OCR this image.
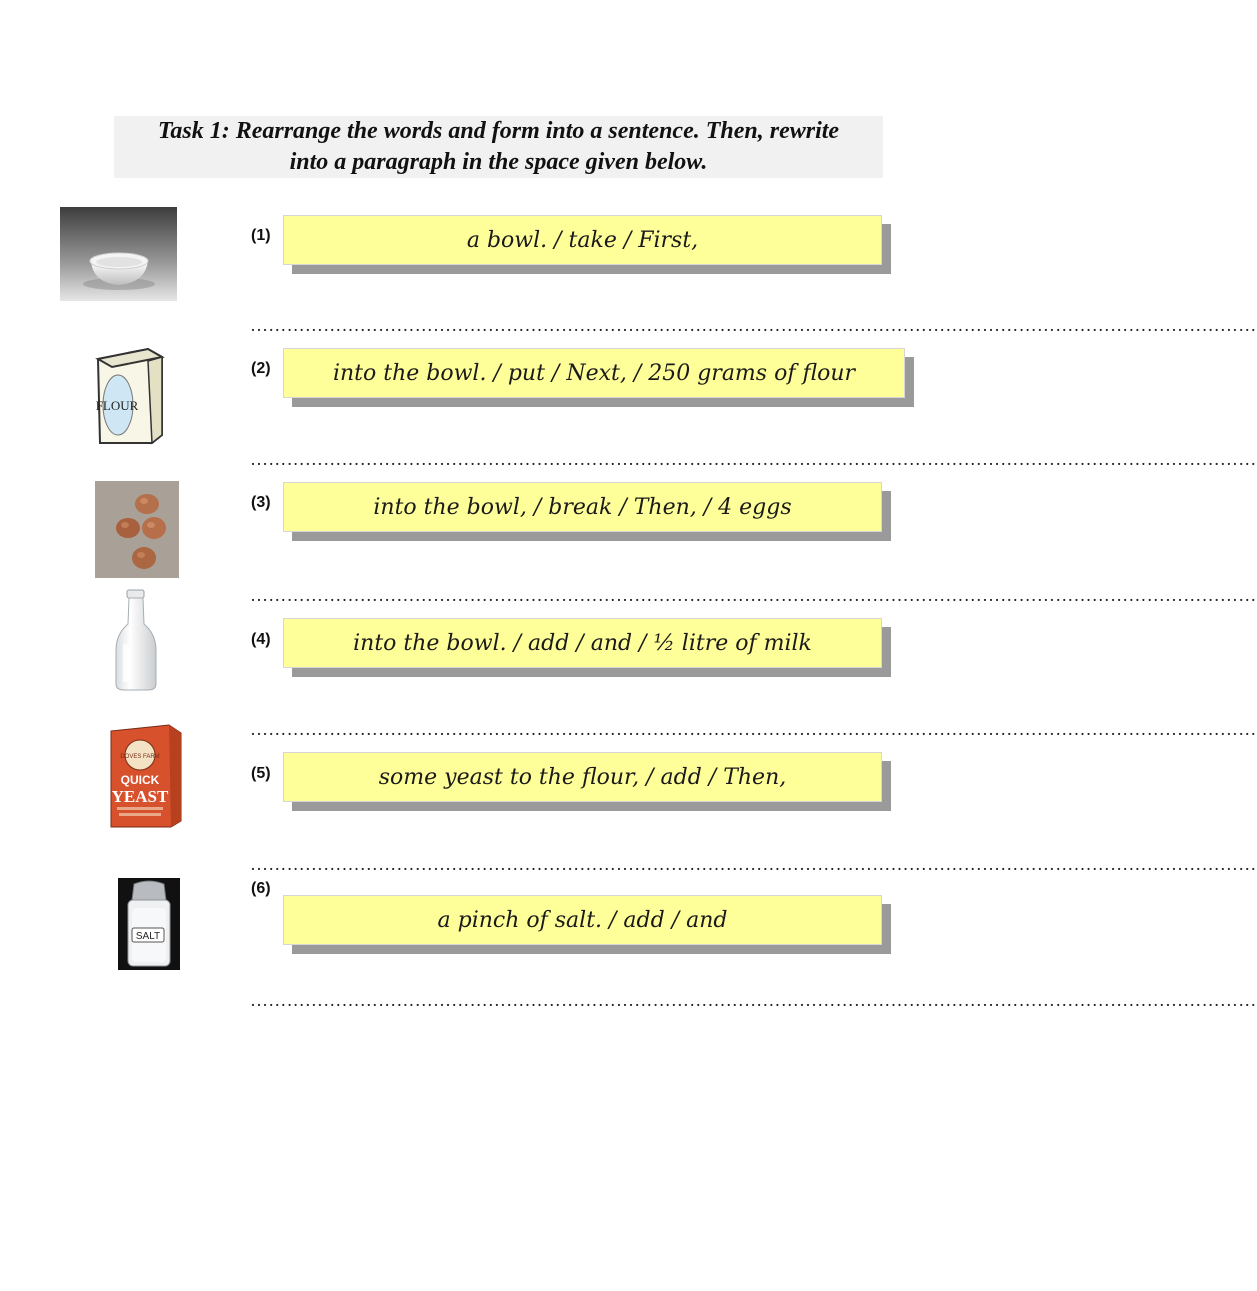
Task 1: Rearrange the words and form into a sentence. Then, rewrite
into a paragraph in the space given below.
(1)	a bowl. / take / First,
…………………………………………………………………………………………………………………………………………………
FLOUR
(2)	into the bowl. / put / Next, / 250 grams of flour
…………………………………………………………………………………………………………………………………………………
(3)	into the bowl, / break / Then, / 4 eggs
…………………………………………………………………………………………………………………………………………………
(4)	into the bowl. / add / and / ½ litre of milk
…………………………………………………………………………………………………………………………………………………
DOVES FARM
QUICK
YEAST
(5)	some yeast to the flour, / add / Then,
…………………………………………………………………………………………………………………………………………………
SALT
(6)
a pinch of salt. / add / and
…………………………………………………………………………………………………………………………………………………
